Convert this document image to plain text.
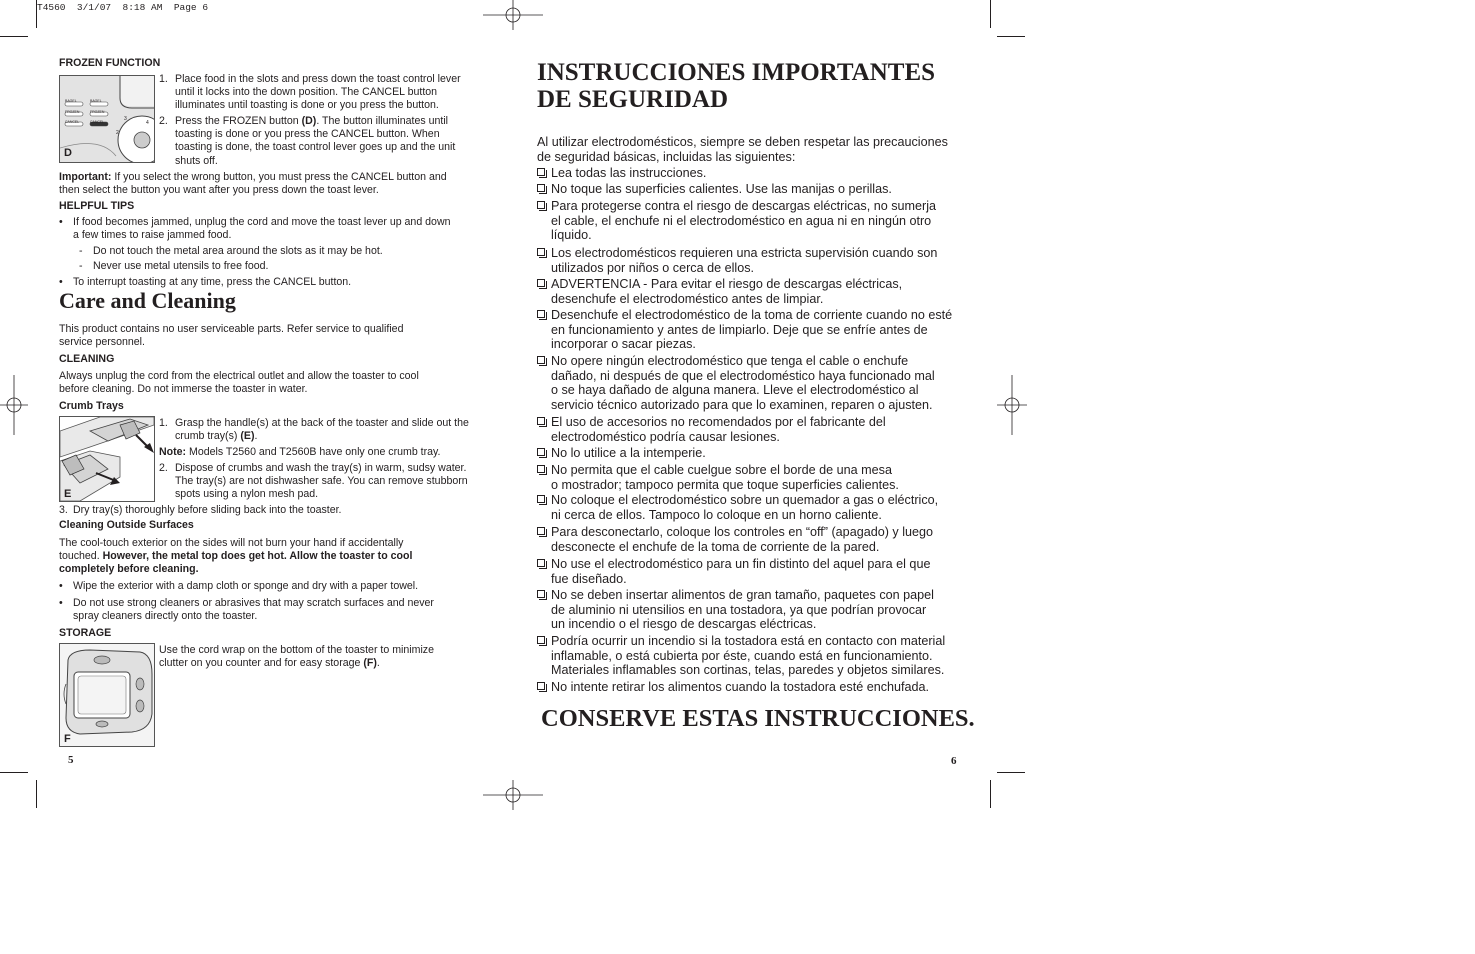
T4560  3/1/07  8:18 AM  Page 6
FROZEN FUNCTION
3
4
2
BAGEL	BAGEL
FROZEN	FROZEN
CANCEL	CANCEL
D
1. Place food in the slots and press down the toast control lever
until it locks into the down position. The CANCEL button
illuminates until toasting is done or you press the button.
2. Press the FROZEN button (D). The button illuminates until
toasting is done or you press the CANCEL button. When
toasting is done, the toast control lever goes up and the unit
shuts off.
Important: If you select the wrong button, you must press the CANCEL button and
then select the button you want after you press down the toast lever.
HELPFUL TIPS
• If food becomes jammed, unplug the cord and move the toast lever up and down
a few times to raise jammed food.
- Do not touch the metal area around the slots as it may be hot.
- Never use metal utensils to free food.
• To interrupt toasting at any time, press the CANCEL button.
Care and Cleaning
This product contains no user serviceable parts. Refer service to qualified
service personnel.
CLEANING
Always unplug the cord from the electrical outlet and allow the toaster to cool
before cleaning. Do not immerse the toaster in water.
Crumb Trays
E
1. Grasp the handle(s) at the back of the toaster and slide out the
crumb tray(s) (E).
Note: Models T2560 and T2560B have only one crumb tray.
2. Dispose of crumbs and wash the tray(s) in warm, sudsy water.
The tray(s) are not dishwasher safe. You can remove stubborn
spots using a nylon mesh pad.
3. Dry tray(s) thoroughly before sliding back into the toaster.
Cleaning Outside Surfaces
The cool-touch exterior on the sides will not burn your hand if accidentally
touched. However, the metal top does get hot. Allow the toaster to cool
completely before cleaning.
• Wipe the exterior with a damp cloth or sponge and dry with a paper towel.
• Do not use strong cleaners or abrasives that may scratch surfaces and never
spray cleaners directly onto the toaster.
STORAGE
F
Use the cord wrap on the bottom of the toaster to minimize
clutter on you counter and for easy storage (F).
5
INSTRUCCIONES IMPORTANTES
DE SEGURIDAD
Al utilizar electrodomésticos, siempre se deben respetar las precauciones
de seguridad básicas, incluidas las siguientes:
Lea todas las instrucciones.
No toque las superficies calientes. Use las manijas o perillas.
Para protegerse contra el riesgo de descargas eléctricas, no sumerja
el cable, el enchufe ni el electrodoméstico en agua ni en ningún otro
líquido.
Los electrodomésticos requieren una estricta supervisión cuando son
utilizados por niños o cerca de ellos.
ADVERTENCIA - Para evitar el riesgo de descargas eléctricas,
desenchufe el electrodoméstico antes de limpiar.
Desenchufe el electrodoméstico de la toma de corriente cuando no esté
en funcionamiento y antes de limpiarlo. Deje que se enfríe antes de
incorporar o sacar piezas.
No opere ningún electrodoméstico que tenga el cable o enchufe
dañado, ni después de que el electrodoméstico haya funcionado mal
o se haya dañado de alguna manera. Lleve el electrodoméstico al
servicio técnico autorizado para que lo examinen, reparen o ajusten.
El uso de accesorios no recomendados por el fabricante del
electrodoméstico podría causar lesiones.
No lo utilice a la intemperie.
No permita que el cable cuelgue sobre el borde de una mesa
o mostrador; tampoco permita que toque superficies calientes.
No coloque el electrodoméstico sobre un quemador a gas o eléctrico,
ni cerca de ellos. Tampoco lo coloque en un horno caliente.
Para desconectarlo, coloque los controles en “off” (apagado) y luego
desconecte el enchufe de la toma de corriente de la pared.
No use el electrodoméstico para un fin distinto del aquel para el que
fue diseñado.
No se deben insertar alimentos de gran tamaño, paquetes con papel
de aluminio ni utensilios en una tostadora, ya que podrían provocar
un incendio o el riesgo de descargas eléctricas.
Podría ocurrir un incendio si la tostadora está en contacto con material
inflamable, o está cubierta por éste, cuando está en funcionamiento.
Materiales inflamables son cortinas, telas, paredes y objetos similares.
No intente retirar los alimentos cuando la tostadora esté enchufada.
CONSERVE ESTAS INSTRUCCIONES.
6
